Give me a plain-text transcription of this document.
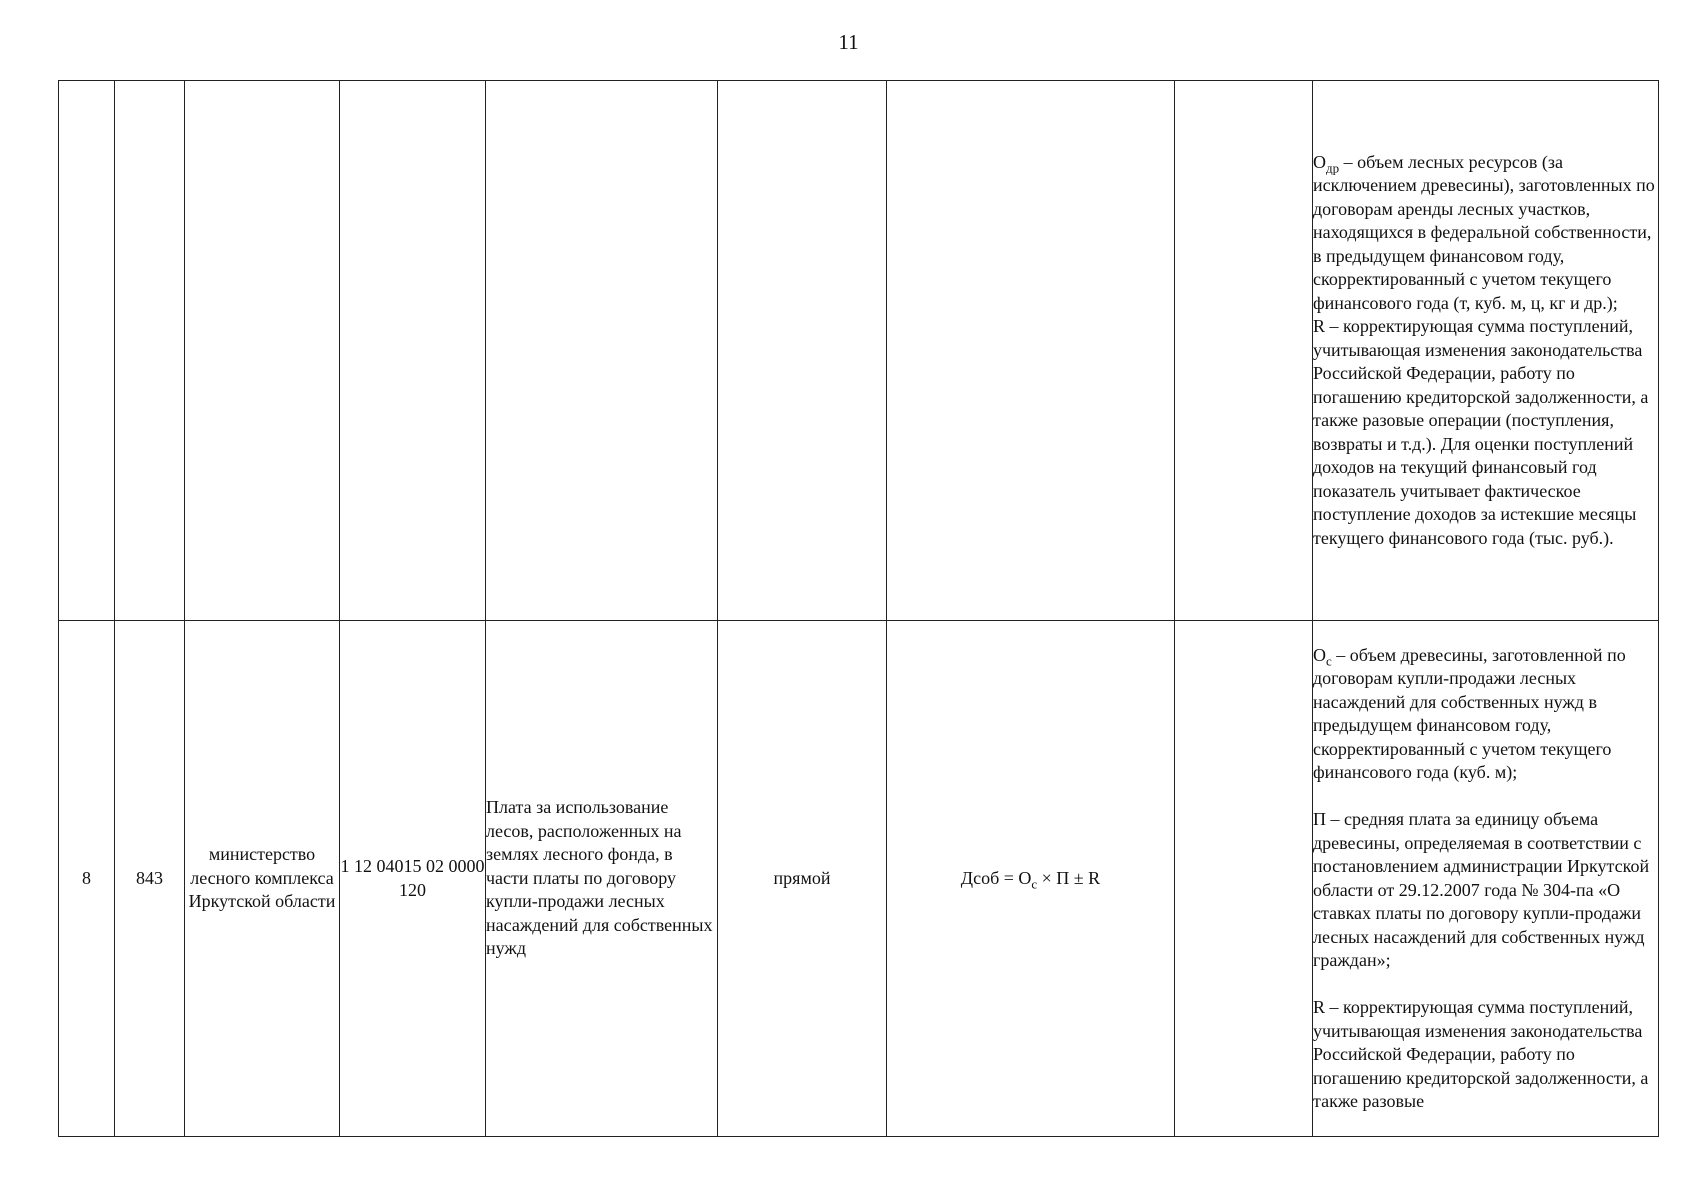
11

								$О_{др}$ – объем лесных ресурсов (за исключением древесины), заготовленных по договорам аренды лесных участков, находящихся в федеральной собственности, в предыдущем финансовом году, скорректированный с учетом текущего финансового года (т, куб. м, ц, кг и др.);

R – корректирующая сумма поступлений, учитывающая изменения законодательства Российской Федерации, работу по погашению кредиторской задолженности, а также разовые операции (поступления, возвраты и т.д.). Для оценки поступлений доходов на текущий финансовый год показатель учитывает фактическое поступление доходов за истекшие месяцы текущего финансового года (тыс. руб.).

8	843	министерство лесного комплекса Иркутской области	1 12 04015 02 0000 120	Плата за использование лесов, расположенных на землях лесного фонда, в части платы по договору купли-продажи лесных насаждений для собственных нужд	прямой	Дсоб = $О_с \times П \pm R$		$О_с$ – объем древесины, заготовленной по договорам купли-продажи лесных насаждений для собственных нужд в предыдущем финансовом году, скорректированный с учетом текущего финансового года (куб. м);

П – средняя плата за единицу объема древесины, определяемая в соответствии с постановлением администрации Иркутской области от 29.12.2007 года № 304-па «О ставках платы по договору купли-продажи лесных насаждений для собственных нужд граждан»;

R – корректирующая сумма поступлений, учитывающая изменения законодательства Российской Федерации, работу по погашению кредиторской задолженности, а также разовые
